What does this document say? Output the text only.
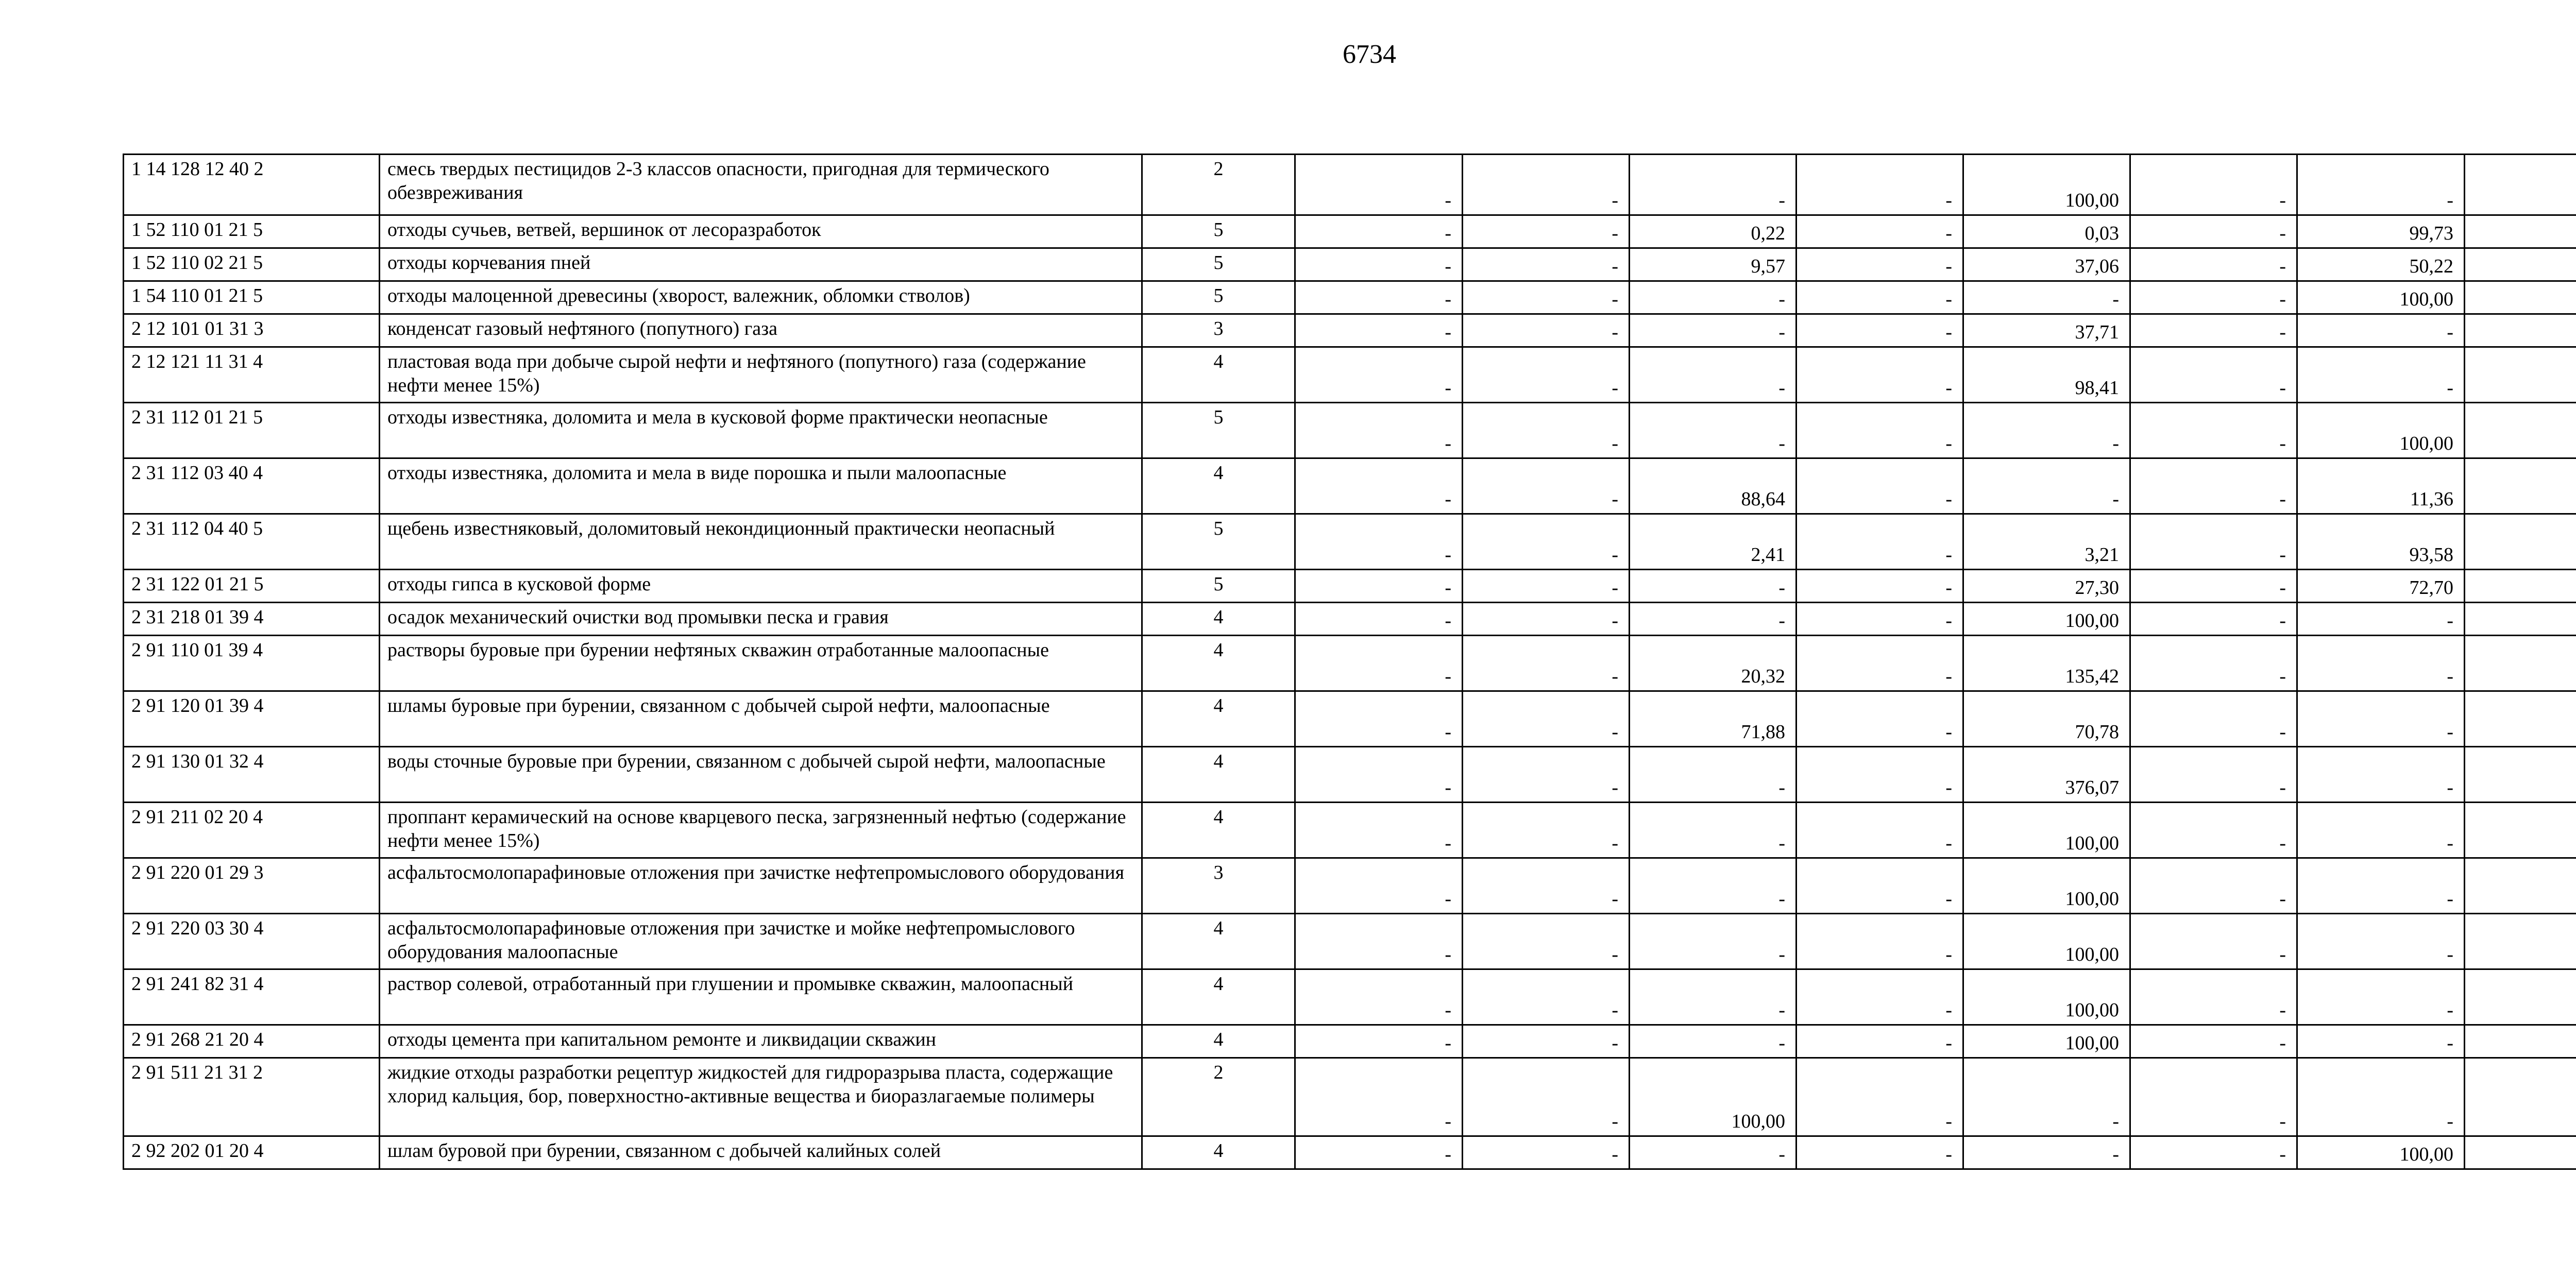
6734
1 14 128 12 40 2	смесь твердых пестицидов 2-3 классов опасности, пригодная для термического обезвреживания	2	-	-	-	-	100,00	-	-	
1 52 110 01 21 5	отходы сучьев, ветвей, вершинок от лесоразработок	5	-	-	0,22	-	0,03	-	99,73	
1 52 110 02 21 5	отходы корчевания пней	5	-	-	9,57	-	37,06	-	50,22	
1 54 110 01 21 5	отходы малоценной древесины (хворост, валежник, обломки стволов)	5	-	-	-	-	-	-	100,00	
2 12 101 01 31 3	конденсат газовый нефтяного (попутного) газа	3	-	-	-	-	37,71	-	-	
2 12 121 11 31 4	пластовая вода при добыче сырой нефти и нефтяного (попутного) газа (содержание нефти менее 15%)	4	-	-	-	-	98,41	-	-	
2 31 112 01 21 5	отходы известняка, доломита и мела в кусковой форме практически неопасные	5	-	-	-	-	-	-	100,00	
2 31 112 03 40 4	отходы известняка, доломита и мела в виде порошка и пыли малоопасные	4	-	-	88,64	-	-	-	11,36	
2 31 112 04 40 5	щебень известняковый, доломитовый некондиционный практически неопасный	5	-	-	2,41	-	3,21	-	93,58	
2 31 122 01 21 5	отходы гипса в кусковой форме	5	-	-	-	-	27,30	-	72,70	
2 31 218 01 39 4	осадок механический очистки вод промывки песка и гравия	4	-	-	-	-	100,00	-	-	
2 91 110 01 39 4	растворы буровые при бурении нефтяных скважин отработанные малоопасные	4	-	-	20,32	-	135,42	-	-	
2 91 120 01 39 4	шламы буровые при бурении, связанном с добычей сырой нефти, малоопасные	4	-	-	71,88	-	70,78	-	-	
2 91 130 01 32 4	воды сточные буровые при бурении, связанном с добычей сырой нефти, малоопасные	4	-	-	-	-	376,07	-	-	
2 91 211 02 20 4	проппант керамический на основе кварцевого песка, загрязненный нефтью (содержание нефти менее 15%)	4	-	-	-	-	100,00	-	-	
2 91 220 01 29 3	асфальтосмолопарафиновые отложения при зачистке нефтепромыслового оборудования	3	-	-	-	-	100,00	-	-	
2 91 220 03 30 4	асфальтосмолопарафиновые отложения при зачистке и мойке нефтепромыслового оборудования малоопасные	4	-	-	-	-	100,00	-	-	
2 91 241 82 31 4	раствор солевой, отработанный при глушении и промывке скважин, малоопасный	4	-	-	-	-	100,00	-	-	
2 91 268 21 20 4	отходы цемента при капитальном ремонте и ликвидации скважин	4	-	-	-	-	100,00	-	-	
2 91 511 21 31 2	жидкие отходы разработки рецептур жидкостей для гидроразрыва пласта, содержащие хлорид кальция, бор, поверхностно-активные вещества и биоразлагаемые полимеры	2	-	-	100,00	-	-	-	-	
2 92 202 01 20 4	шлам буровой при бурении, связанном с добычей калийных солей	4	-	-	-	-	-	-	100,00	
